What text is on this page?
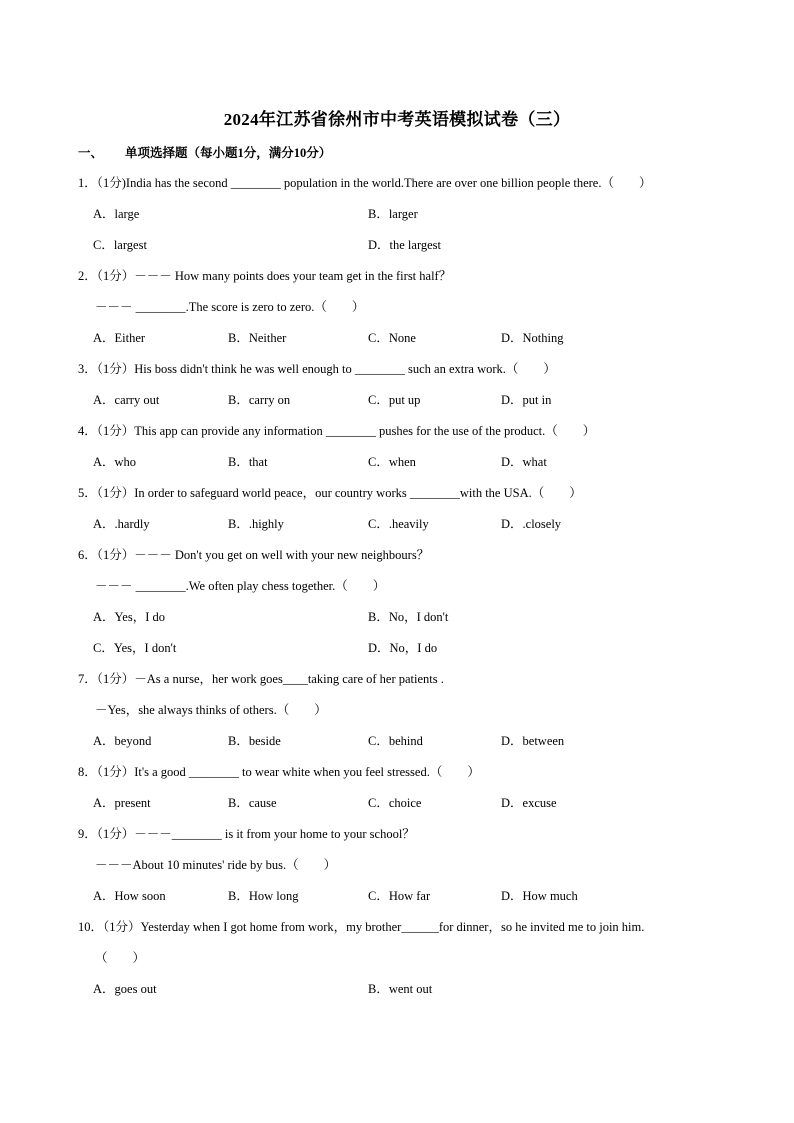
2024年江苏省徐州市中考英语模拟试卷（三）
一、 单项选择题（每小题1分，满分10分）
1．（1分)India has the second ________ population in the world.There are over one billion people there.（　　）
A．large	B．larger
C．largest	D．the largest
2．（1分）－－－ How many points does your team get in the first half？
－－－ ________.The score is zero to zero.（　　）
A．Either	B．Neither	C．None	D．Nothing
3．（1分）His boss didn't think he was well enough to ________ such an extra work.（　　）
A．carry out	B．carry on	C．put up	D．put in
4．（1分）This app can provide any information ________ pushes for the use of the product.（　　）
A．who	B．that	C．when	D．what
5．（1分）In order to safeguard world peace，our country works ________with the USA.（　　）
A．.hardly	B．.highly	C．.heavily	D．.closely
6．（1分）－－－ Don't you get on well with your new neighbours？
－－－ ________.We often play chess together.（　　）
A．Yes，I do	B．No，I don't
C．Yes，I don't	D．No，I do
7．（1分）－As a nurse，her work goes____taking care of her patients .
－Yes，she always thinks of others.（　　）
A．beyond	B．beside	C．behind	D．between
8．（1分）It's a good ________ to wear white when you feel stressed.（　　）
A．present	B．cause	C．choice	D．excuse
9．（1分）－－－________ is it from your home to your school？
－－－About 10 minutes' ride by bus.（　　）
A．How soon	B．How long	C．How far	D．How much
10．（1分）Yesterday when I got home from work，my brother______for dinner，so he invited me to join him.
（　　）
A．goes out	B．went out
